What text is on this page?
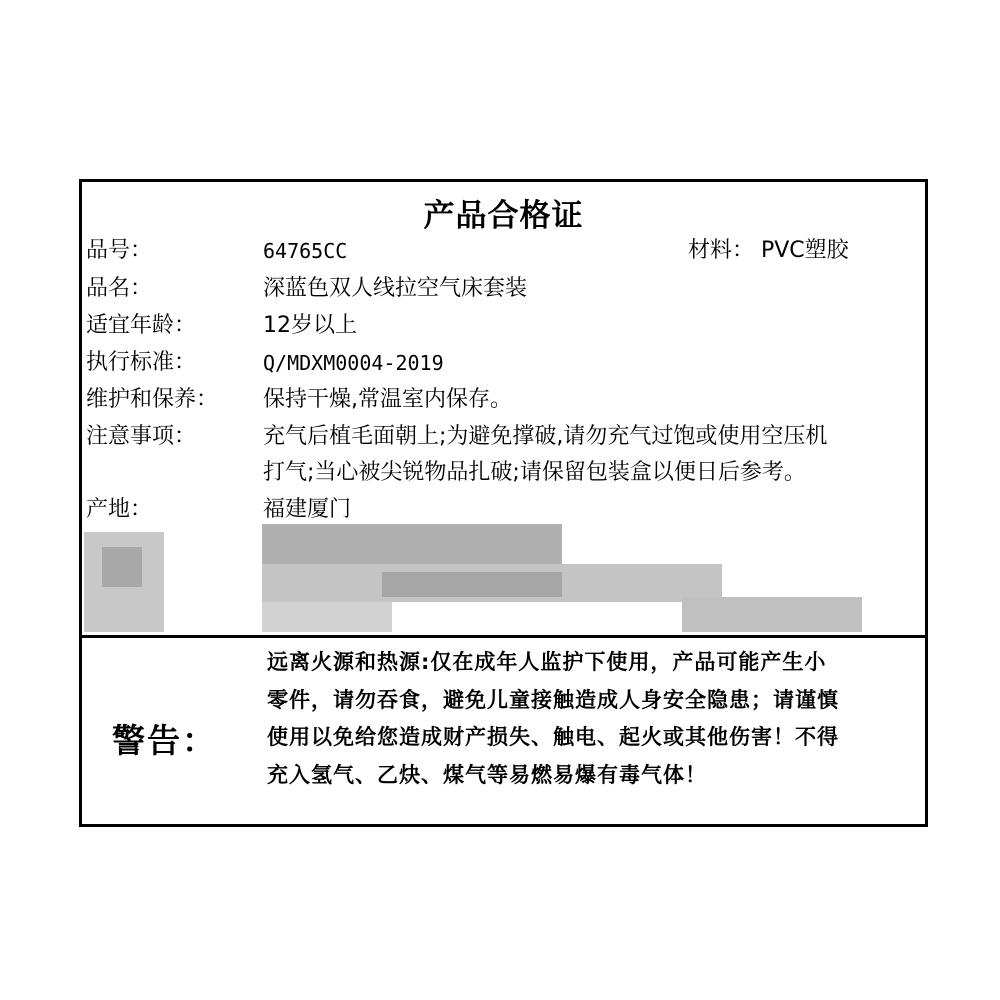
产品合格证
品号：	64765CC	材料： PVC塑胶
品名：	深蓝色双人线拉空气床套装
适宜年龄：	12岁以上
执行标准：	Q/MDXM0004-2019
维护和保养： 保持干燥,常温室内保存。
注意事项：	充气后植毛面朝上;为避免撑破,请勿充气过饱或使用空压机
打气;当心被尖锐物品扎破;请保留包装盒以便日后参考。
产地：	福建厦门
警告：
远离火源和热源:仅在成年人监护下使用，产品可能产生小零件，请勿吞食，避免儿童接触造成人身安全隐患；请谨慎使用以免给您造成财产损失、触电、起火或其他伤害！不得充入氢气、乙炔、煤气等易燃易爆有毒气体！
